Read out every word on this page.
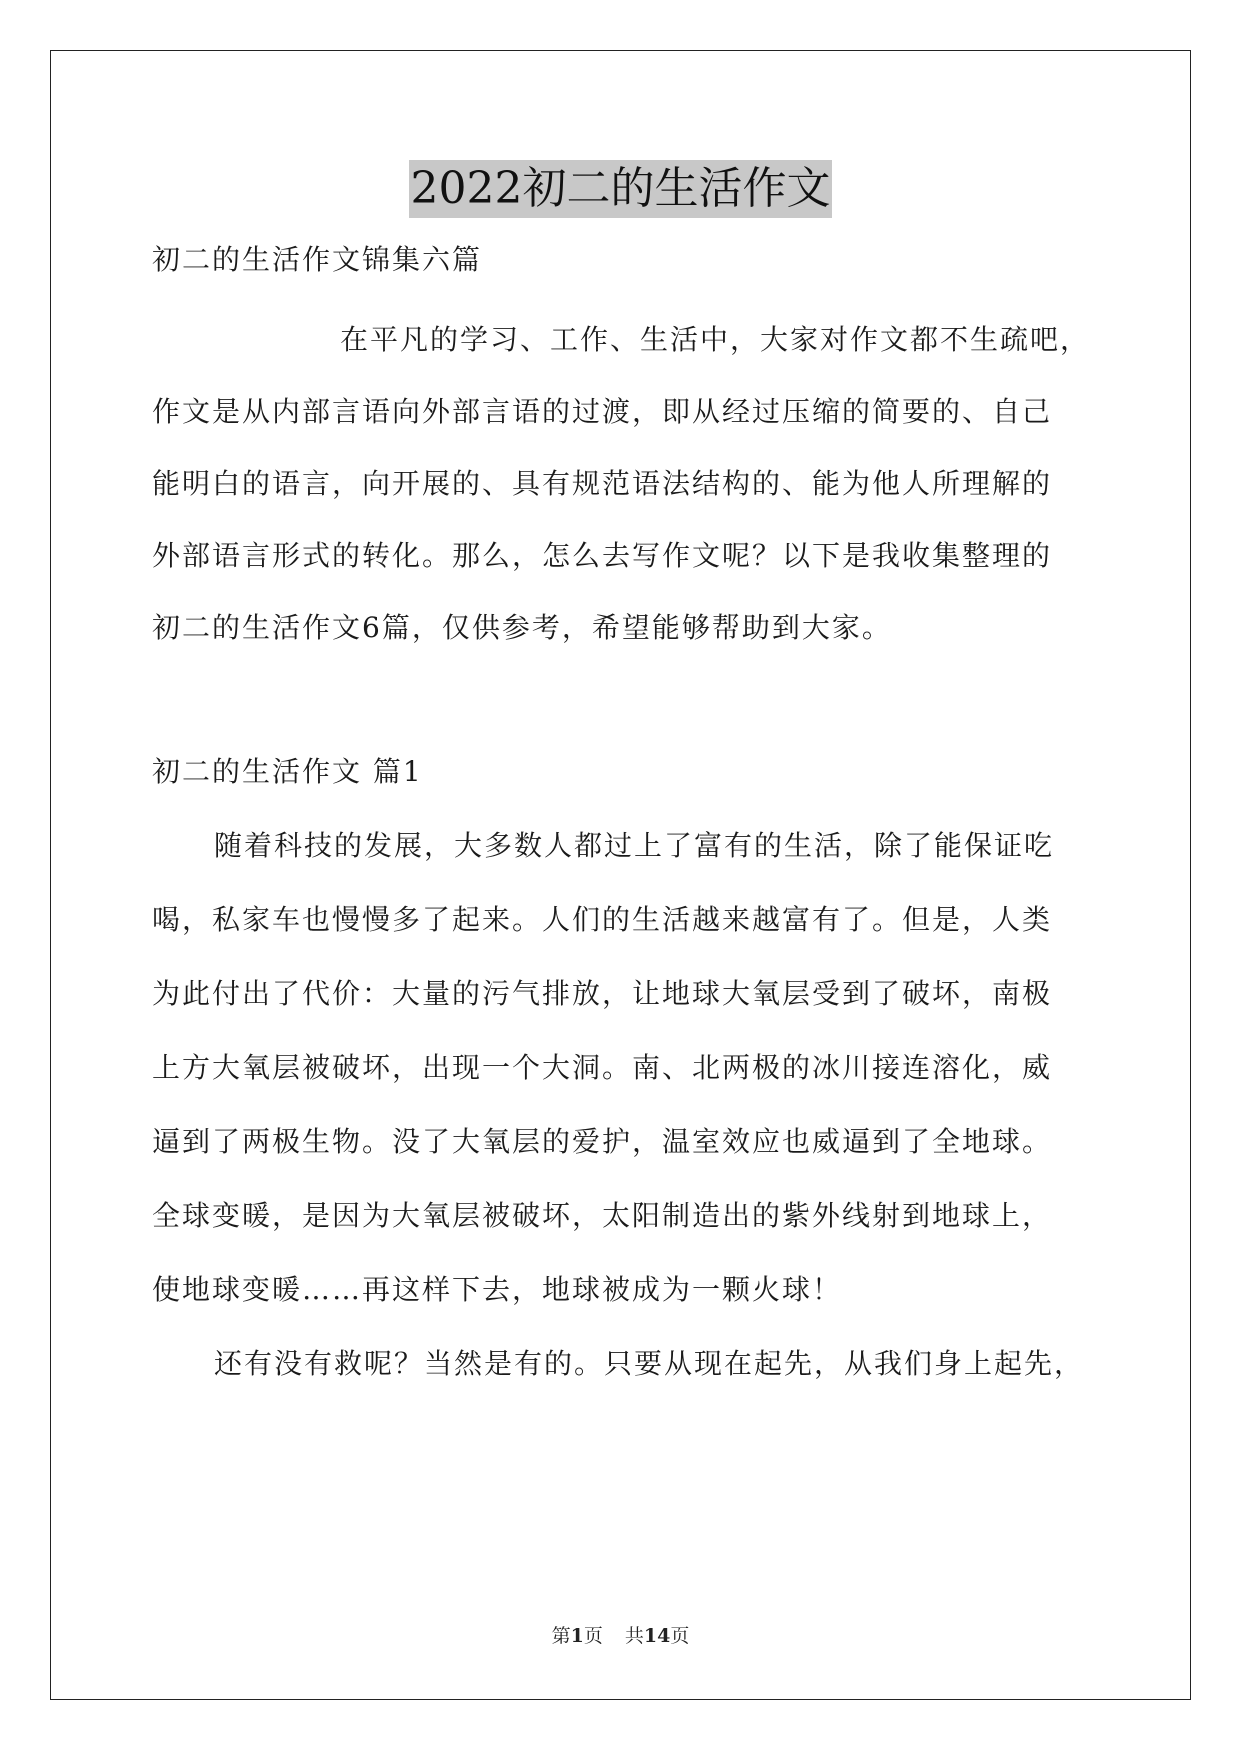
2022初二的生活作文
初二的生活作文锦集六篇
在平凡的学习、工作、生活中，大家对作文都不生疏吧，
作文是从内部言语向外部言语的过渡，即从经过压缩的简要的、自己
能明白的语言，向开展的、具有规范语法结构的、能为他人所理解的
外部语言形式的转化。那么，怎么去写作文呢？以下是我收集整理的
初二的生活作文6篇，仅供参考，希望能够帮助到大家。
初二的生活作文 篇1
随着科技的发展，大多数人都过上了富有的生活，除了能保证吃
喝，私家车也慢慢多了起来。人们的生活越来越富有了。但是，人类
为此付出了代价：大量的污气排放，让地球大氧层受到了破坏，南极
上方大氧层被破坏，出现一个大洞。南、北两极的冰川接连溶化，威
逼到了两极生物。没了大氧层的爱护，温室效应也威逼到了全地球。
全球变暖，是因为大氧层被破坏，太阳制造出的紫外线射到地球上，
使地球变暖……再这样下去，地球被成为一颗火球！
还有没有救呢？当然是有的。只要从现在起先，从我们身上起先，
第1页 共14页
